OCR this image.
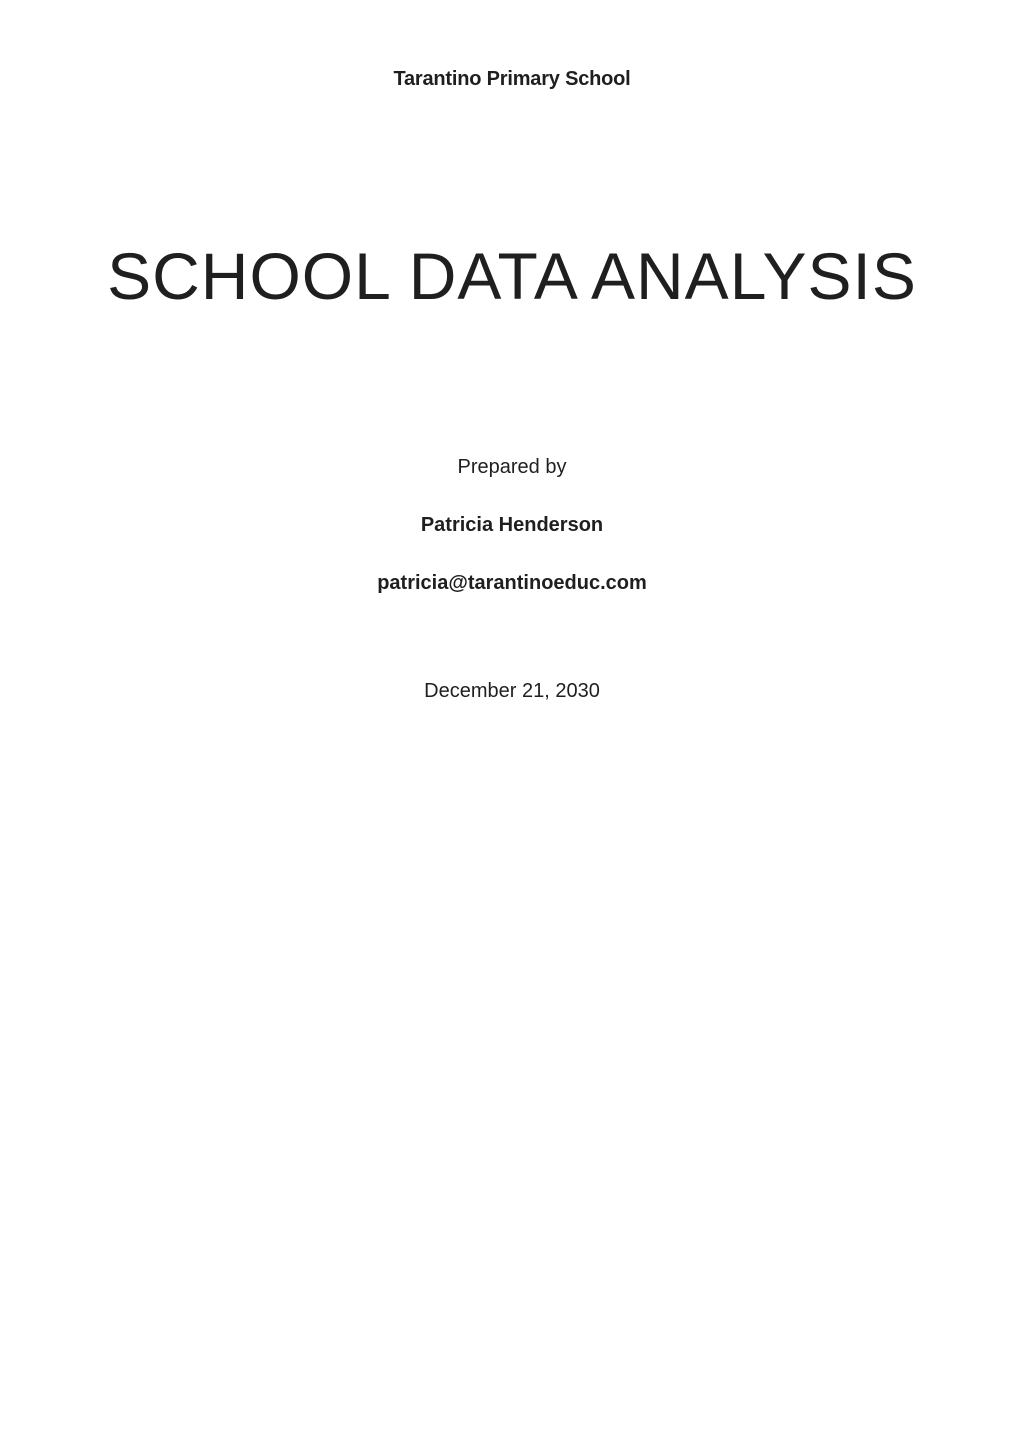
Tarantino Primary School
SCHOOL DATA ANALYSIS
Prepared by
Patricia Henderson
patricia@tarantinoeduc.com
December 21, 2030
